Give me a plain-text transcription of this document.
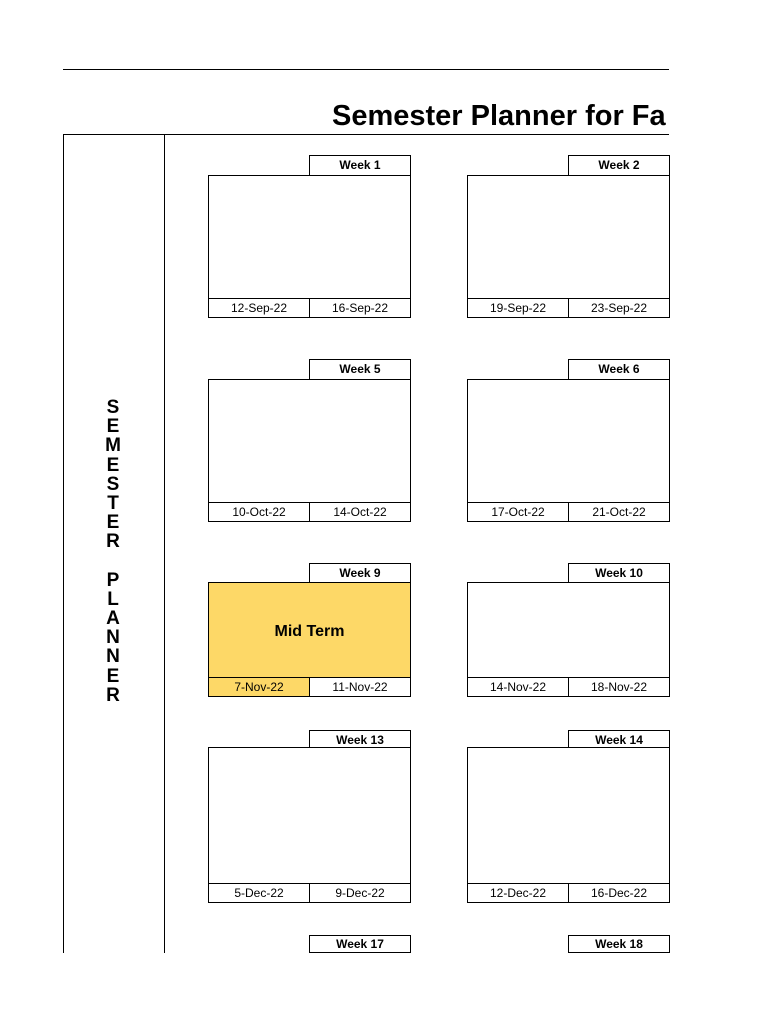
Semester Planner for Fa
S
E
M
E
S
T
E
R
P
L
A
N
N
E
R
Week 1
12-Sep-22	16-Sep-22
Week 2
19-Sep-22	23-Sep-22
Week 5
10-Oct-22	14-Oct-22
Week 6
17-Oct-22	21-Oct-22
Week 9
Mid Term
7-Nov-22	11-Nov-22
Week 10
14-Nov-22	18-Nov-22
Week 13
5-Dec-22	9-Dec-22
Week 14
12-Dec-22	16-Dec-22
Week 17	Week 18
